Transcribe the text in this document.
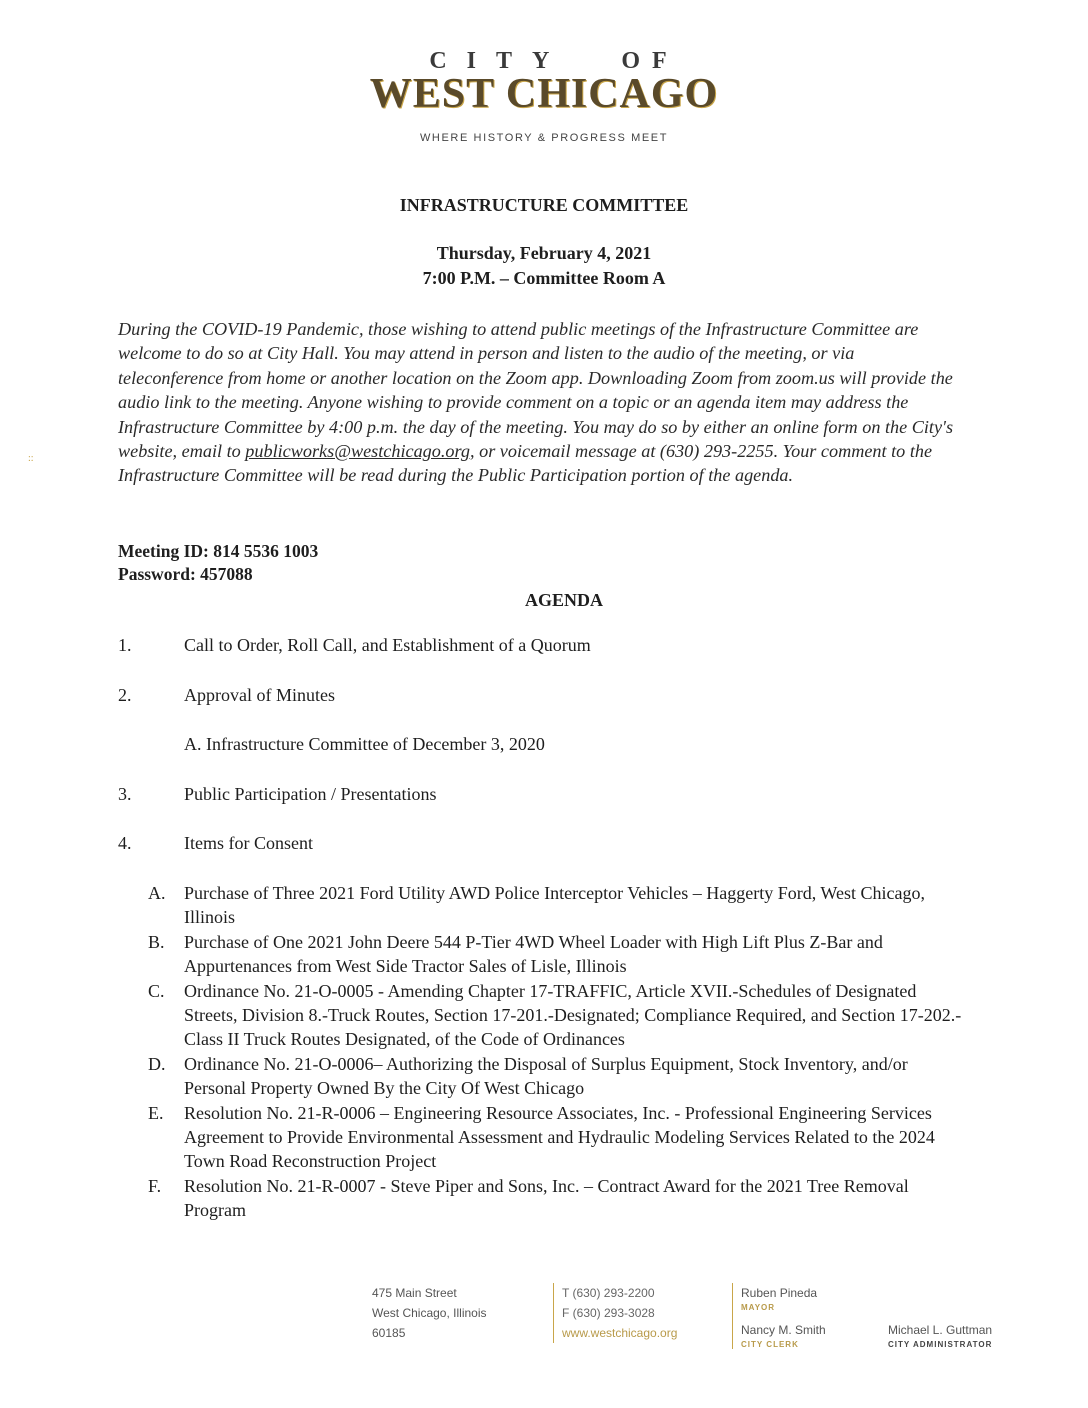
CITY OF
WEST CHICAGO
WHERE HISTORY & PROGRESS MEET
INFRASTRUCTURE COMMITTEE
Thursday, February 4, 2021
7:00 P.M. – Committee Room A
During the COVID-19 Pandemic, those wishing to attend public meetings of the Infrastructure Committee are welcome to do so at City Hall. You may attend in person and listen to the audio of the meeting, or via teleconference from home or another location on the Zoom app. Downloading Zoom from zoom.us will provide the audio link to the meeting. Anyone wishing to provide comment on a topic or an agenda item may address the Infrastructure Committee by 4:00 p.m. the day of the meeting. You may do so by either an online form on the City's website, email to publicworks@westchicago.org, or voicemail message at (630) 293-2255. Your comment to the Infrastructure Committee will be read during the Public Participation portion of the agenda.
::
Meeting ID: 814 5536 1003
Password: 457088
AGENDA
1.	Call to Order, Roll Call, and Establishment of a Quorum
2.	Approval of Minutes
A. Infrastructure Committee of December 3, 2020
3.	Public Participation / Presentations
4.	Items for Consent
A.	Purchase of Three 2021 Ford Utility AWD Police Interceptor Vehicles – Haggerty Ford, West Chicago, Illinois
B.	Purchase of One 2021 John Deere 544 P-Tier 4WD Wheel Loader with High Lift Plus Z-Bar and Appurtenances from West Side Tractor Sales of Lisle, Illinois
C.	Ordinance No. 21-O-0005 - Amending Chapter 17-TRAFFIC, Article XVII.-Schedules of Designated Streets, Division 8.-Truck Routes, Section 17-201.-Designated; Compliance Required, and Section 17-202.- Class II Truck Routes Designated, of the Code of Ordinances
D.	Ordinance No. 21-O-0006– Authorizing the Disposal of Surplus Equipment, Stock Inventory, and/or Personal Property Owned By the City Of West Chicago
E.	Resolution No. 21-R-0006 – Engineering Resource Associates, Inc. - Professional Engineering Services Agreement to Provide Environmental Assessment and Hydraulic Modeling Services Related to the 2024 Town Road Reconstruction Project
F.	Resolution No. 21-R-0007 - Steve Piper and Sons, Inc. – Contract Award for the 2021 Tree Removal Program
475 Main Street
West Chicago, Illinois
60185
T (630) 293-2200
F (630) 293-3028
www.westchicago.org
Ruben Pineda
MAYOR
Nancy M. Smith
CITY CLERK
Michael L. Guttman
CITY ADMINISTRATOR
